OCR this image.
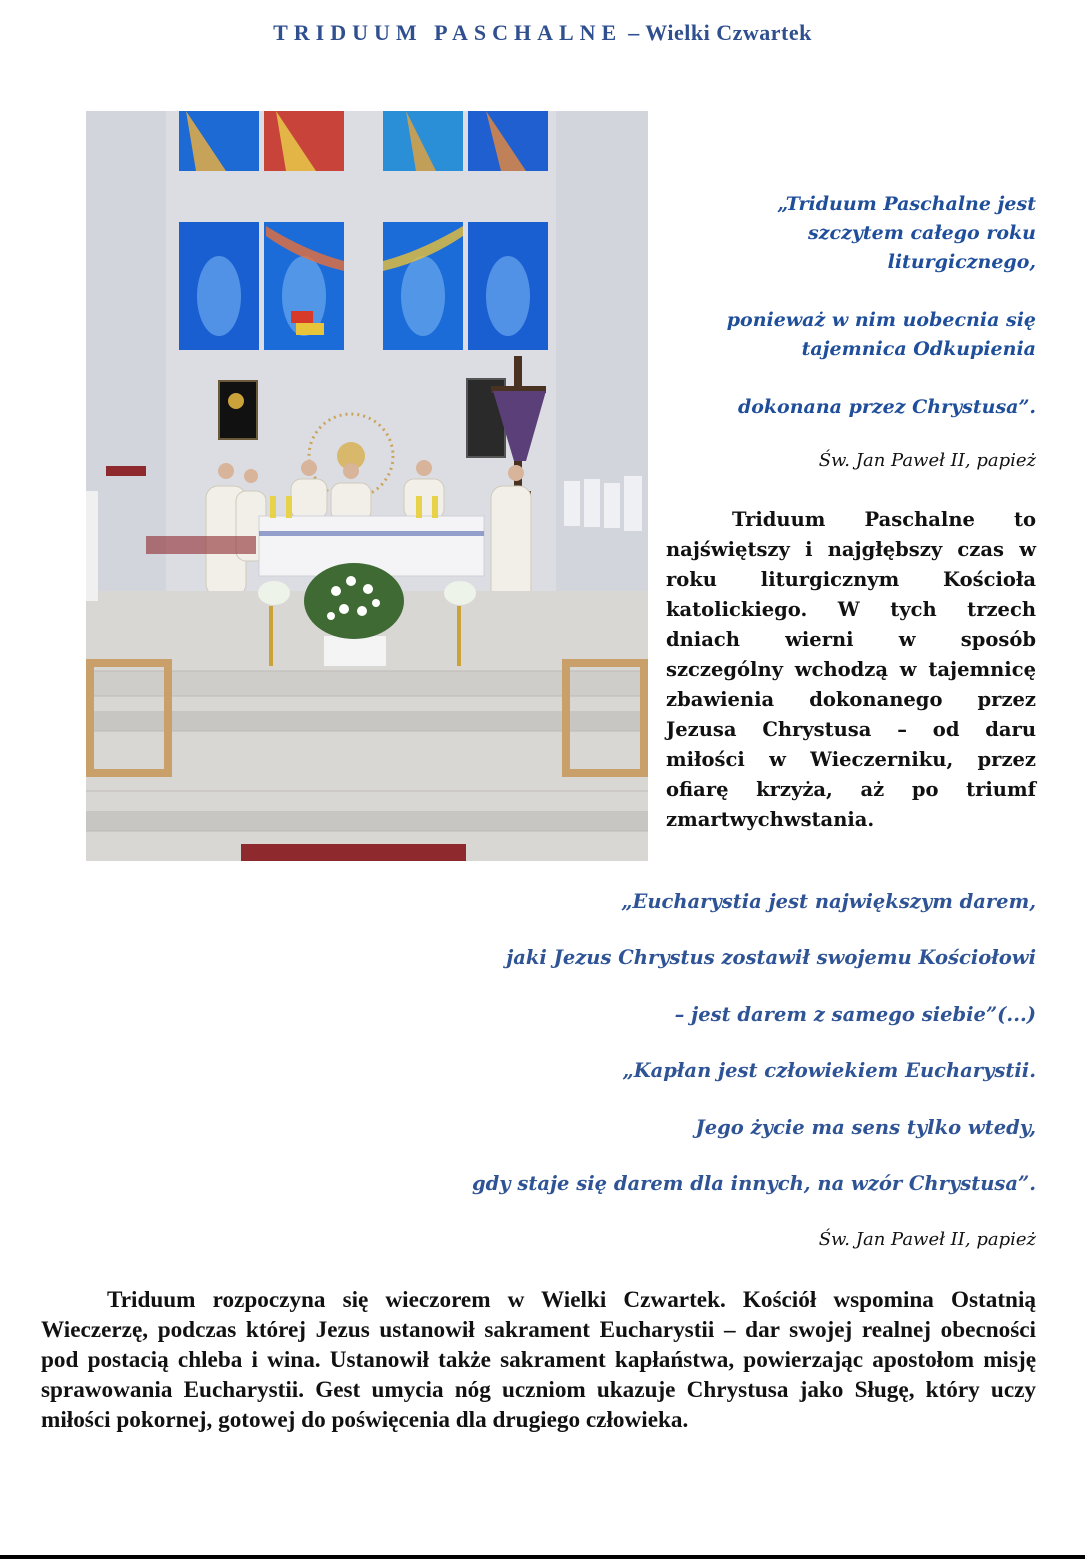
TRIDUUM PASCHALNE – Wielki Czwartek

„Triduum Paschalne jest szczytem całego roku liturgicznego,

ponieważ w nim uobecnia się tajemnica Odkupienia

dokonana przez Chrystusa”.

Św. Jan Paweł II, papież
Triduum Paschalne to najświętszy i najgłębszy czas w roku liturgicznym Kościoła katolickiego. W tych trzech dniach wierni w sposób szczególny wchodzą w tajemnicę zbawienia dokonanego przez Jezusa Chrystusa – od daru miłości w Wieczerniku, przez ofiarę krzyża, aż po triumf zmartwychwstania.

„Eucharystia jest największym darem,

jaki Jezus Chrystus zostawił swojemu Kościołowi

– jest darem z samego siebie”(...)

„Kapłan jest człowiekiem Eucharystii.

Jego życie ma sens tylko wtedy,

gdy staje się darem dla innych, na wzór Chrystusa”.

Św. Jan Paweł II, papież
Triduum rozpoczyna się wieczorem w Wielki Czwartek. Kościół wspomina Ostatnią Wieczerzę, podczas której Jezus ustanowił sakrament Eucharystii – dar swojej realnej obecności pod postacią chleba i wina. Ustanowił także sakrament kapłaństwa, powierzając apostołom misję sprawowania Eucharystii. Gest umycia nóg uczniom ukazuje Chrystusa jako Sługę, który uczy miłości pokornej, gotowej do poświęcenia dla drugiego człowieka.
